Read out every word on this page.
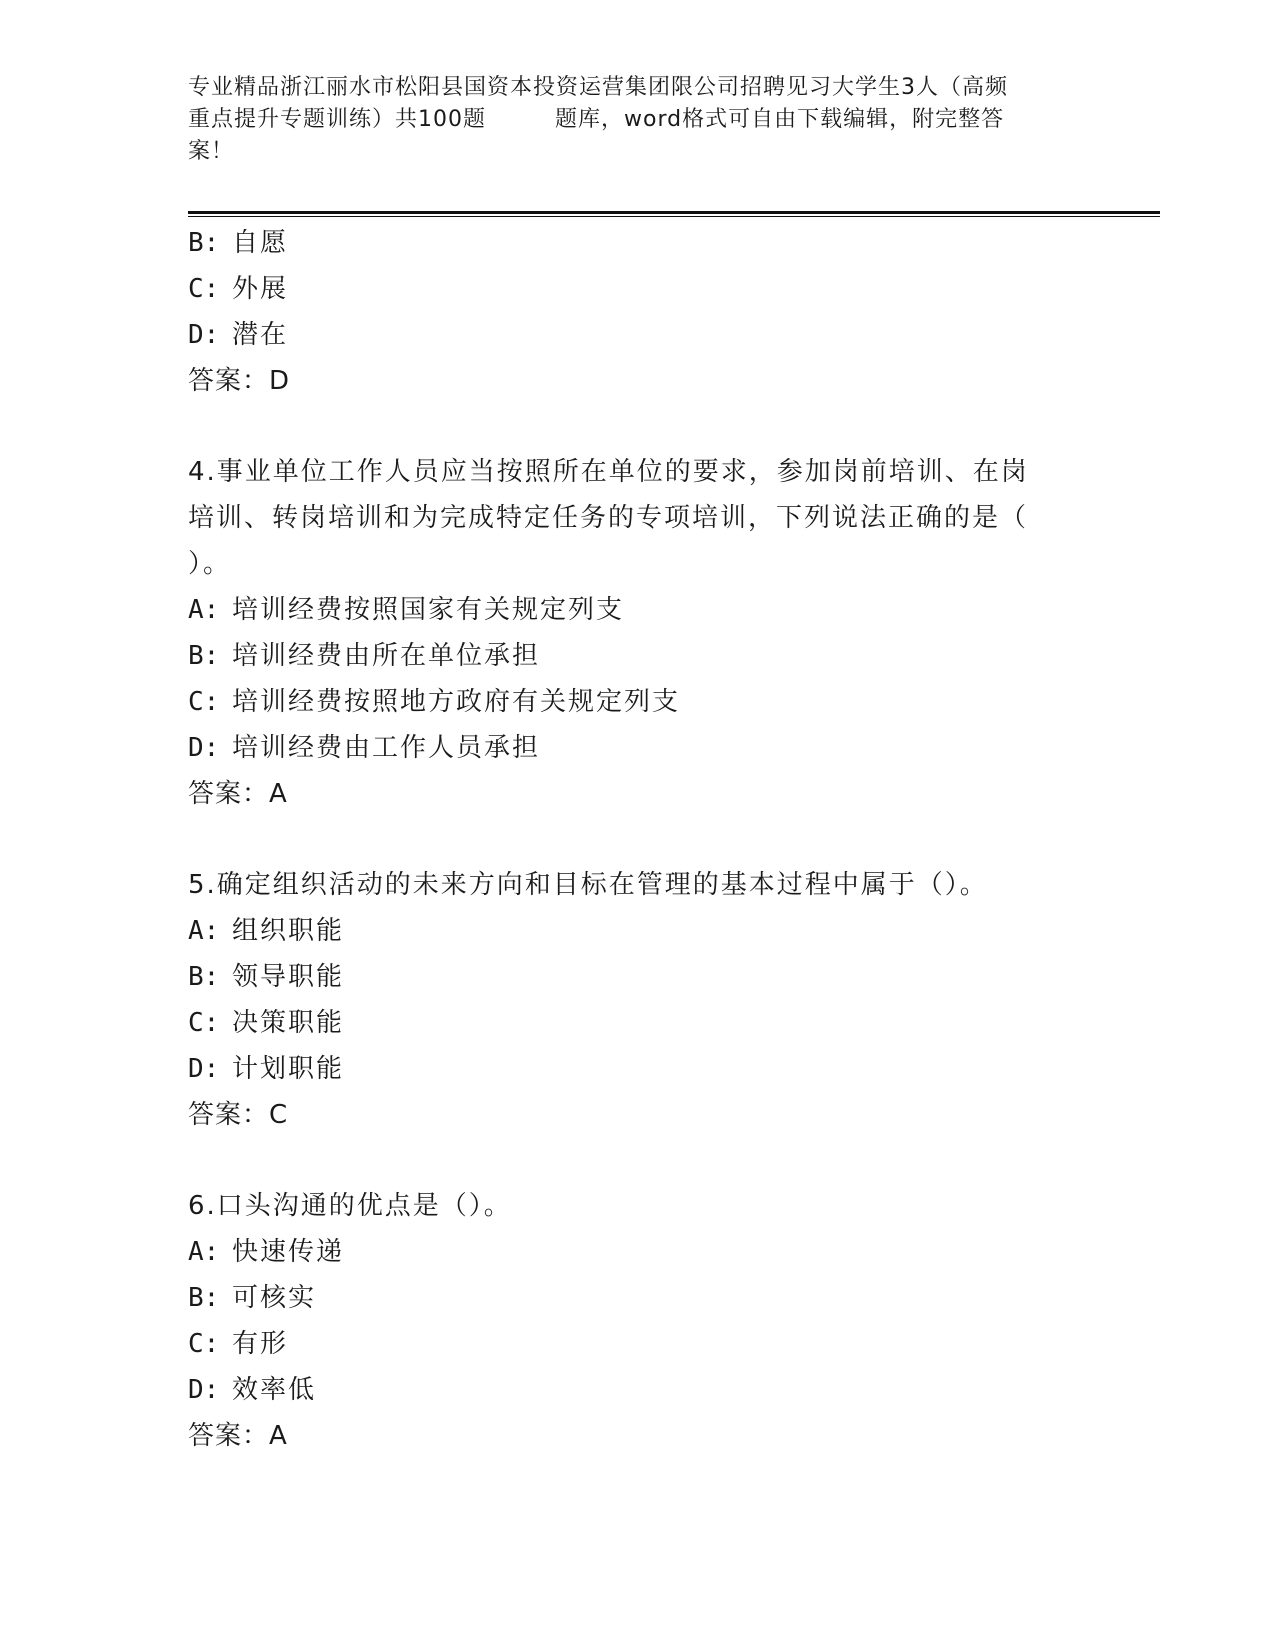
专业精品浙江丽水市松阳县国资本投资运营集团限公司招聘见习大学生3人（高频
重点提升专题训练）共100题　　　题库，word格式可自由下载编辑，附完整答
案！
B: 自愿
C: 外展
D: 潜在
答案：D
4.事业单位工作人员应当按照所在单位的要求，参加岗前培训、在岗
培训、转岗培训和为完成特定任务的专项培训，下列说法正确的是（
）。
A: 培训经费按照国家有关规定列支
B: 培训经费由所在单位承担
C: 培训经费按照地方政府有关规定列支
D: 培训经费由工作人员承担
答案：A
5.确定组织活动的未来方向和目标在管理的基本过程中属于（）。
A: 组织职能
B: 领导职能
C: 决策职能
D: 计划职能
答案：C
6.口头沟通的优点是（）。
A: 快速传递
B: 可核实
C: 有形
D: 效率低
答案：A
